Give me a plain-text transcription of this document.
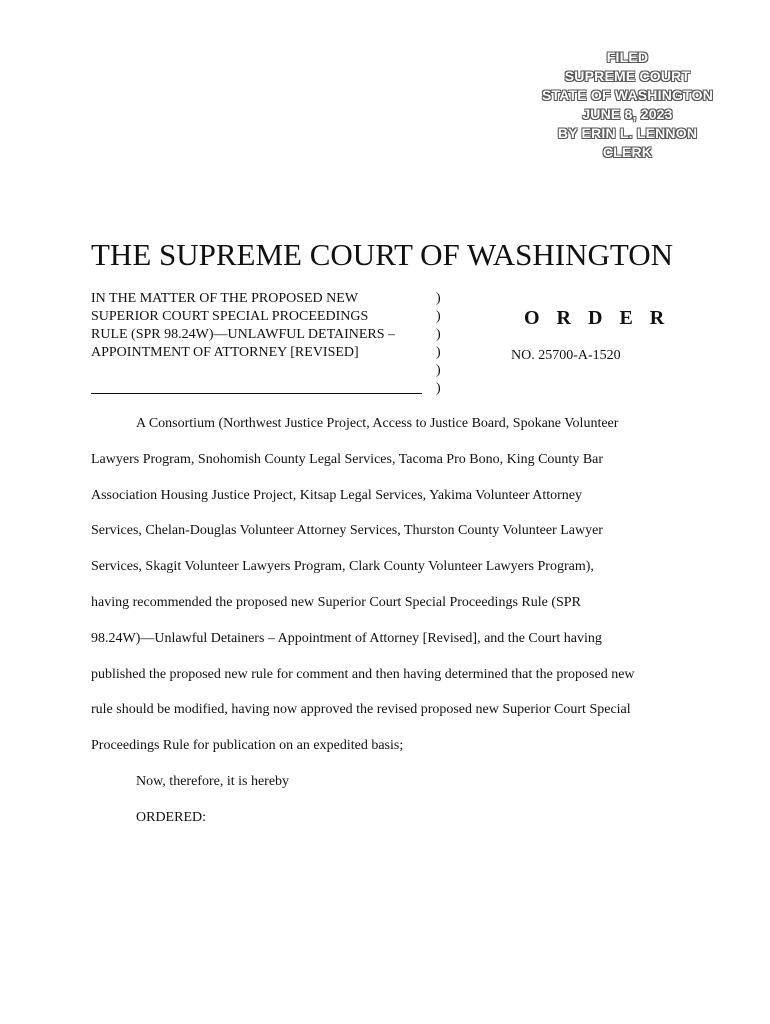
FILED
SUPREME COURT
STATE OF WASHINGTON
JUNE 8, 2023
BY ERIN L. LENNON
CLERK
THE SUPREME COURT OF WASHINGTON
IN THE MATTER OF THE PROPOSED NEW
SUPERIOR COURT SPECIAL PROCEEDINGS
RULE (SPR 98.24W)—UNLAWFUL DETAINERS –
APPOINTMENT OF ATTORNEY [REVISED]
)
)
)
)
)
)
O R D E R
NO. 25700-A-1520
A Consortium (Northwest Justice Project, Access to Justice Board, Spokane Volunteer
Lawyers Program, Snohomish County Legal Services, Tacoma Pro Bono, King County Bar
Association Housing Justice Project, Kitsap Legal Services, Yakima Volunteer Attorney
Services, Chelan-Douglas Volunteer Attorney Services, Thurston County Volunteer Lawyer
Services, Skagit Volunteer Lawyers Program, Clark County Volunteer Lawyers Program),
having recommended the proposed new Superior Court Special Proceedings Rule (SPR
98.24W)—Unlawful Detainers – Appointment of Attorney [Revised], and the Court having
published the proposed new rule for comment and then having determined that the proposed new
rule should be modified, having now approved the revised proposed new Superior Court Special
Proceedings Rule for publication on an expedited basis;
Now, therefore, it is hereby
ORDERED:
